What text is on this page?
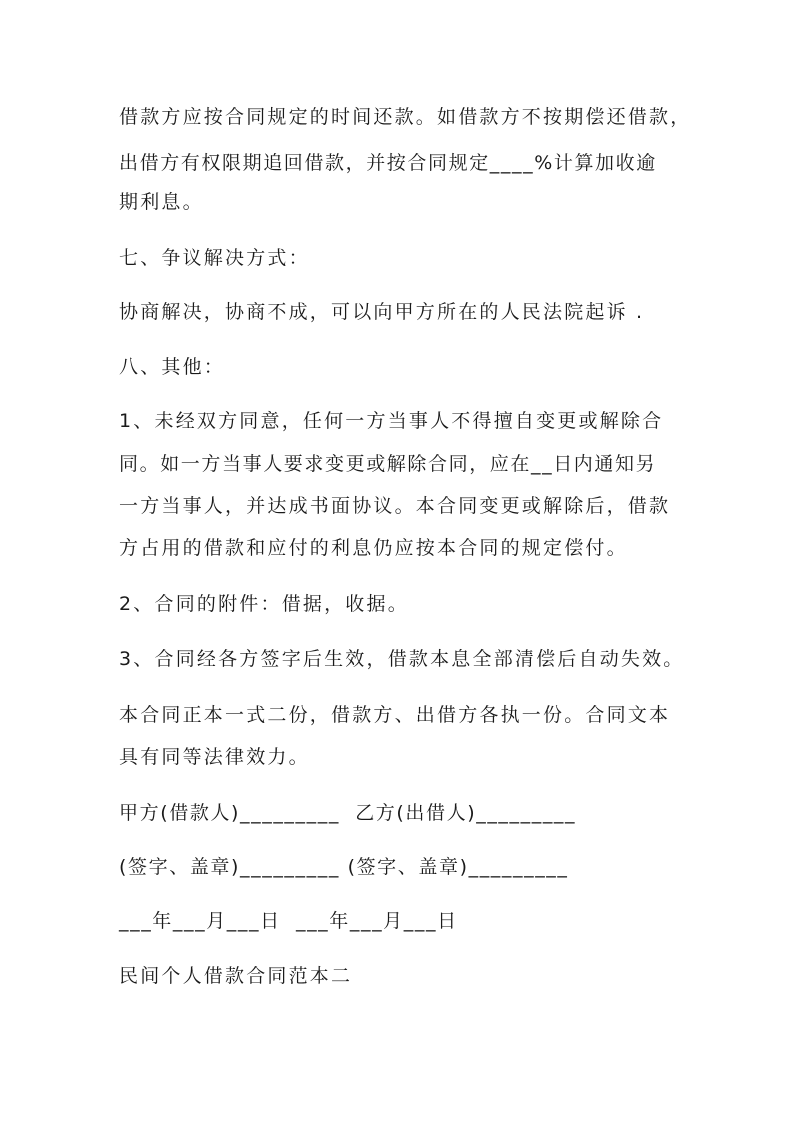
借款方应按合同规定的时间还款。如借款方不按期偿还借款，
出借方有权限期追回借款，并按合同规定____%计算加收逾
期利息。
七、争议解决方式：
协商解决，协商不成，可以向甲方所在的人民法院起诉 .
八、其他：
1、未经双方同意，任何一方当事人不得擅自变更或解除合
同。如一方当事人要求变更或解除合同，应在__日内通知另
一方当事人，并达成书面协议。本合同变更或解除后，借款
方占用的借款和应付的利息仍应按本合同的规定偿付。
2、合同的附件：借据，收据。
3、合同经各方签字后生效，借款本息全部清偿后自动失效。
本合同正本一式二份，借款方、出借方各执一份。合同文本
具有同等法律效力。
甲方(借款人)_________  乙方(出借人)_________
(签字、盖章)_________ (签字、盖章)_________
___年___月___日  ___年___月___日
民间个人借款合同范本二
